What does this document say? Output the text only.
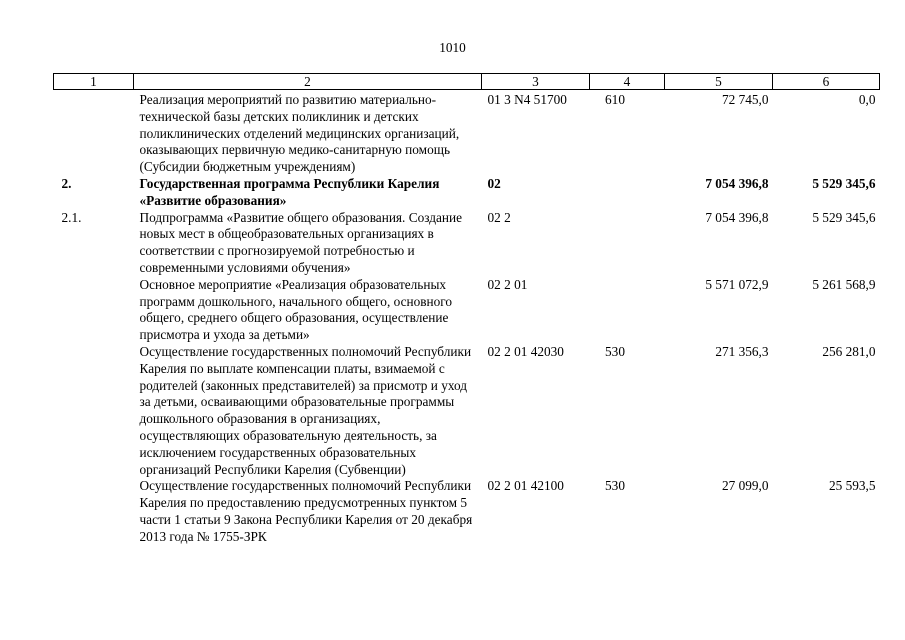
1010
1	2	3	4	5	6
	Реализация мероприятий по развитию материально-технической базы детских поликлиник и детских поликлинических отделений медицинских организаций, оказывающих первичную медико-санитарную помощь (Субсидии бюджетным учреждениям)	01 3 N4 51700	610	72 745,0	0,0
2.	Государственная программа Республики Карелия «Развитие образования»	02		7 054 396,8	5 529 345,6
2.1.	Подпрограмма «Развитие общего образования. Создание новых мест в общеобразовательных организациях в соответствии с прогнозируемой потребностью и современными условиями обучения»	02 2		7 054 396,8	5 529 345,6
	Основное мероприятие «Реализация образовательных программ дошкольного, начального общего, основного общего, среднего общего образования, осуществление присмотра и ухода за детьми»	02 2 01		5 571 072,9	5 261 568,9
	Осуществление государственных полномочий Республики Карелия по выплате компенсации платы, взимаемой с родителей (законных представителей) за присмотр и уход за детьми, осваивающими образовательные программы дошкольного образования в организациях, осуществляющих образовательную деятельность, за исключением государственных образовательных организаций Республики Карелия (Субвенции)	02 2 01 42030	530	271 356,3	256 281,0
	Осуществление государственных полномочий Республики Карелия по предоставлению предусмотренных пунктом 5 части 1 статьи 9 Закона Республики Карелия от 20 декабря 2013 года № 1755-ЗРК	02 2 01 42100	530	27 099,0	25 593,5
